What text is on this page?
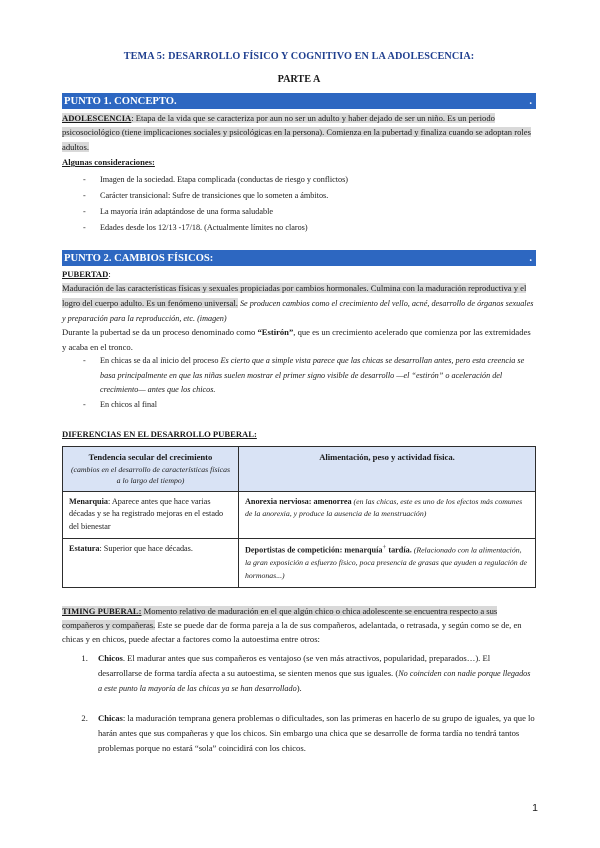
TEMA 5: DESARROLLO FÍSICO Y COGNITIVO EN LA ADOLESCENCIA:

PARTE A

PUNTO 1. CONCEPTO.	.

ADOLESCENCIA: Etapa de la vida que se caracteriza por aun no ser un adulto y haber dejado de ser un niño. Es un periodo psicosociológico (tiene implicaciones sociales y psicológicas en la persona). Comienza en la pubertad y finaliza cuando se adoptan roles adultos.

Algunas consideraciones:

- Imagen de la sociedad. Etapa complicada (conductas de riesgo y conflictos)
- Carácter transicional: Sufre de transiciones que lo someten a ámbitos.
- La mayoría irán adaptándose de una forma saludable
- Edades desde los 12/13 -17/18. (Actualmente límites no claros)
PUNTO 2. CAMBIOS FÍSICOS:	.

PUBERTAD:

Maduración de las características físicas y sexuales propiciadas por cambios hormonales. Culmina con la maduración reproductiva y el logro del cuerpo adulto. Es un fenómeno universal. Se producen cambios como el crecimiento del vello, acné, desarrollo de órganos sexuales y preparación para la reproducción, etc. (imagen)

Durante la pubertad se da un proceso denominado como “Estirón”, que es un crecimiento acelerado que comienza por las extremidades y acaba en el tronco.

- En chicas se da al inicio del proceso Es cierto que a simple vista parece que las chicas se desarrollan antes, pero esta creencia se basa principalmente en que las niñas suelen mostrar el primer signo visible de desarrollo —el “estirón” o aceleración del crecimiento— antes que los chicos.
- En chicos al final

DIFERENCIAS EN EL DESARROLLO PUBERAL:

Tendencia secular del crecimiento
(cambios en el desarrollo de características físicas a lo largo del tiempo)	Alimentación, peso y actividad física.

Menarquia: Aparece antes que hace varias décadas y se ha registrado mejoras en el estado del bienestar	Anorexia nerviosa: amenorrea (en las chicas, este es uno de los efectos más comunes de la anorexia, y produce la ausencia de la menstruación)
Estatura: Superior que hace décadas.	Deportistas de competición: menarquía+ tardía. (Relacionado con la alimentación, la gran exposición a esfuerzo físico, poca presencia de grasas que ayuden a regulación de hormonas...)

TIMING PUBERAL: Momento relativo de maduración en el que algún chico o chica adolescente se encuentra respecto a sus compañeros y compañeras. Este se puede dar de forma pareja a la de sus compañeros, adelantada, o retrasada, y según como se de, en chicas y en chicos, puede afectar a factores como la autoestima entre otros:

1. Chicos. El madurar antes que sus compañeros es ventajoso (se ven más atractivos, popularidad, preparados…). El desarrollarse de forma tardía afecta a su autoestima, se sienten menos que sus iguales. (No coinciden con nadie porque llegados a este punto la mayoría de las chicas ya se han desarrollado).
2. Chicas: la maduración temprana genera problemas o dificultades, son las primeras en hacerlo de su grupo de iguales, ya que lo harán antes que sus compañeras y que los chicos. Sin embargo una chica que se desarrolle de forma tardía no tendrá tantos problemas porque no estará “sola” coincidirá con los chicos.
1
